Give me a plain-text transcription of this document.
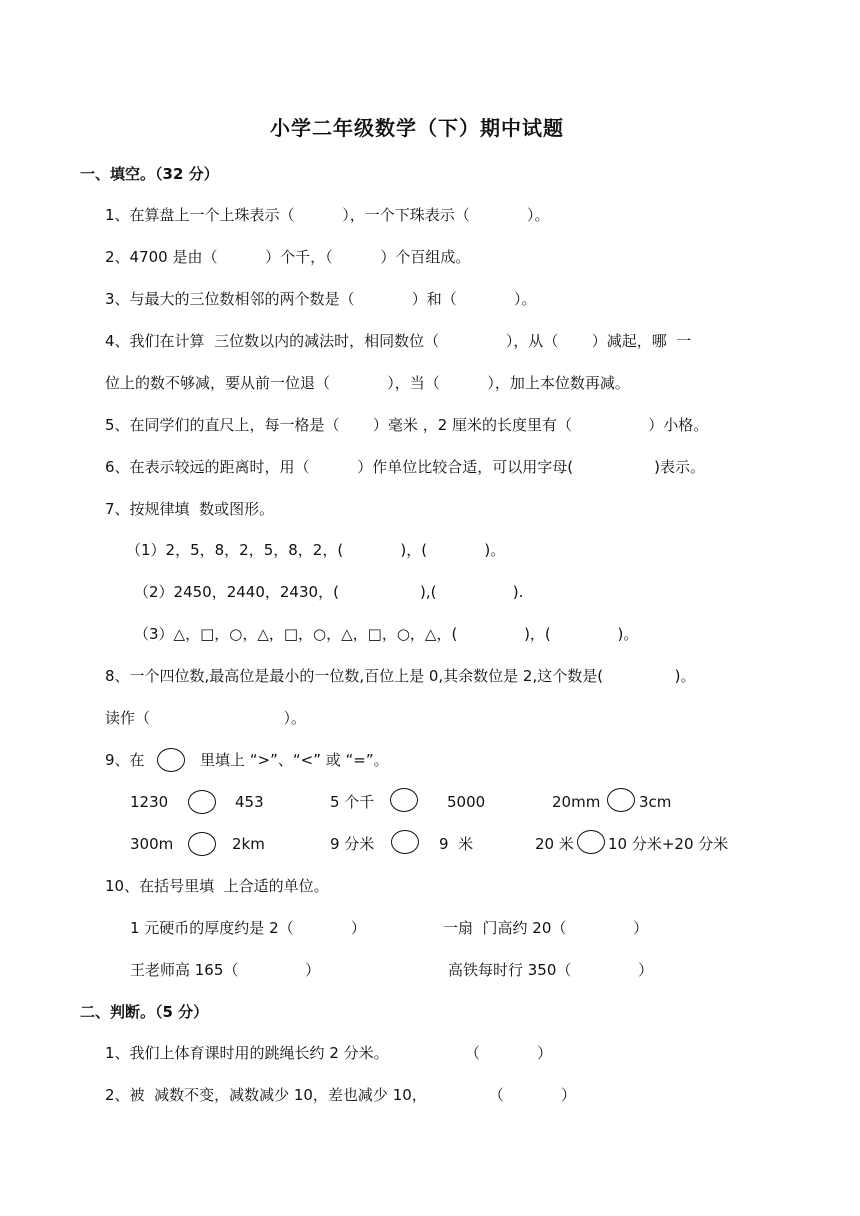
小学二年级数学（下）期中试题
一、填空。（32 分）
1、在算盘上一个上珠表示（          ），一个下珠表示（            ）。
2、4700 是由（          ）个千，（          ）个百组成。
3、与最大的三位数相邻的两个数是（            ）和（            ）。
4、我们在计算  三位数以内的减法时，相同数位（              ），从（       ）减起，哪  一
位上的数不够减，要从前一位退（            ），当（          ），加上本位数再减。
5、在同学们的直尺上，每一格是（       ）毫米 ，2 厘米的长度里有（                ）小格。
6、在表示较远的距离时，用（          ）作单位比较合适，可以用字母(                 )表示。
7、按规律填  数或图形。
（1）2，5，8，2，5，8，2，(            )，(            )。
（2）2450，2440，2430，(                 ),(                ).
（3）△，□，○，△，□，○，△，□，○，△，(              )，(              )。
8、一个四位数,最高位是最小的一位数,百位上是 0,其余数位是 2,这个数是(               )。
读作（                            ）。
9、在	里填上 “>”、“<” 或 “=”。
1230	453	5 个千	5000	20mm	3cm
300m	2km	9 分米	9  米	20 米 10 分米+20 分米
10、在括号里填  上合适的单位。
1 元硬币的厚度约是 2（            ）	一扇  门高约 20（              ）
王老师高 165（              ）	高铁每时行 350（              ）
二、判断。（5 分）
1、我们上体育课时用的跳绳长约 2 分米。                （            ）
2、被  减数不变，减数减少 10，差也减少 10，             （            ）
